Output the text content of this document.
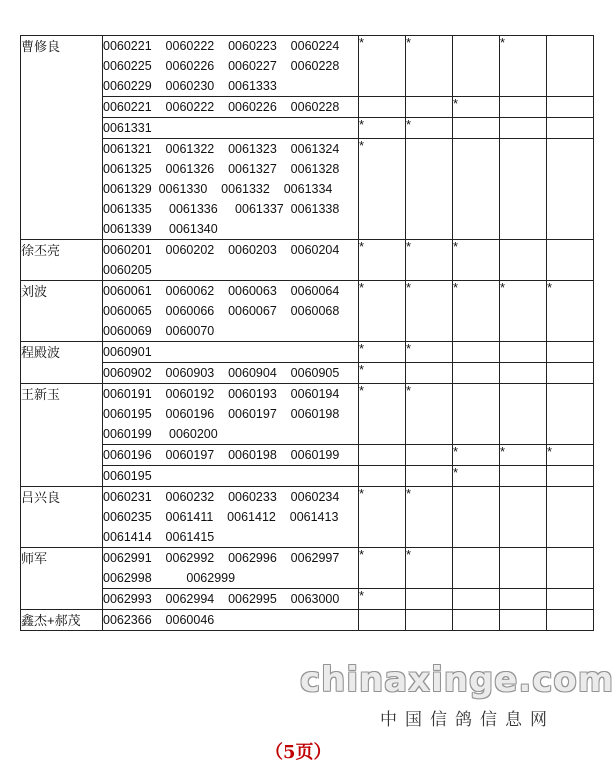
曹修良	0060221    0060222    0060223    0060224
0060225    0060226    0060227    0060228
0060229    0060230    0061333	*	*		*	

	0060221    0060222    0060226    0060228			*		

	0061331	*	*			

	0061321    0061322    0061323    0061324
0061325    0061326    0061327    0061328
0061329  0061330    0061332    0061334
0061335     0061336     0061337  0061338
0061339     0061340	*				
徐丕亮	0060201    0060202    0060203    0060204
0060205	*	*	*		
刘波	0060061    0060062    0060063    0060064
0060065    0060066    0060067    0060068
0060069    0060070	*	*	*	*	*
程殿波	0060901	*	*			

	0060902    0060903    0060904    0060905	*				
王新玉	0060191    0060192    0060193    0060194
0060195    0060196    0060197    0060198
0060199     0060200	*	*			

	0060196    0060197    0060198    0060199			*	*	*

	0060195			*		
吕兴良	0060231    0060232    0060233    0060234
0060235    0061411    0061412    0061413
0061414    0061415	*	*			
师军	0062991    0062992    0062996    0062997
0062998          0062999	*	*			

	0062993    0062994    0062995    0063000	*				
鑫杰+郝茂	0062366    0060046					

chinaxinge.com
中国信鸽信息网
（5页）
